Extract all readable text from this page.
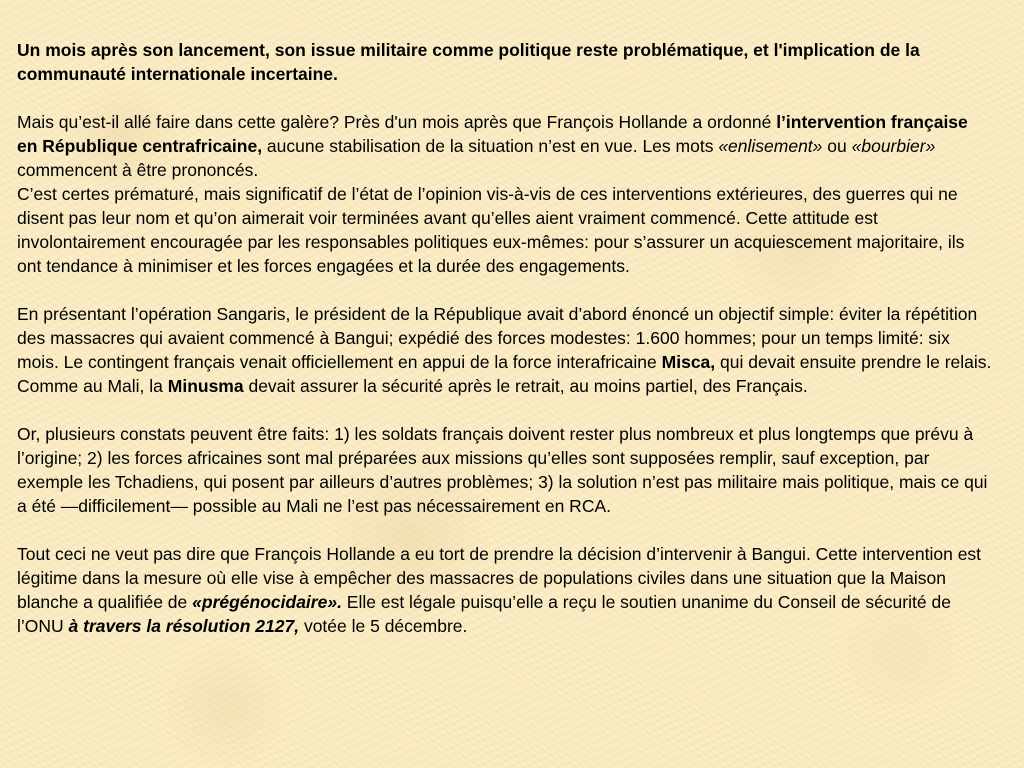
Un mois après son lancement, son issue militaire comme politique reste problématique, et l'implication de la communauté internationale incertaine.

Mais qu’est-il allé faire dans cette galère? Près d'un mois après que François Hollande a ordonné l’intervention française en République centrafricaine, aucune stabilisation de la situation n’est en vue. Les mots «enlisement» ou «bourbier» commencent à être prononcés.

C’est certes prématuré, mais significatif de l’état de l’opinion vis-à-vis de ces interventions extérieures, des guerres qui ne disent pas leur nom et qu’on aimerait voir terminées avant qu’elles aient vraiment commencé. Cette attitude est involontairement encouragée par les responsables politiques eux-mêmes: pour s’assurer un acquiescement majoritaire, ils ont tendance à minimiser et les forces engagées et la durée des engagements.

En présentant l’opération Sangaris, le président de la République avait d’abord énoncé un objectif simple: éviter la répétition des massacres qui avaient commencé à Bangui; expédié des forces modestes: 1.600 hommes; pour un temps limité: six mois. Le contingent français venait officiellement en appui de la force interafricaine Misca, qui devait ensuite prendre le relais. Comme au Mali, la Minusma devait assurer la sécurité après le retrait, au moins partiel, des Français.

Or, plusieurs constats peuvent être faits: 1) les soldats français doivent rester plus nombreux et plus longtemps que prévu à l’origine; 2) les forces africaines sont mal préparées aux missions qu’elles sont supposées remplir, sauf exception, par exemple les Tchadiens, qui posent par ailleurs d’autres problèmes; 3) la solution n’est pas militaire mais politique, mais ce qui a été —difficilement— possible au Mali ne l’est pas nécessairement en RCA.

Tout ceci ne veut pas dire que François Hollande a eu tort de prendre la décision d’intervenir à Bangui. Cette intervention est légitime dans la mesure où elle vise à empêcher des massacres de populations civiles dans une situation que la Maison blanche a qualifiée de «prégénocidaire». Elle est légale puisqu’elle a reçu le soutien unanime du Conseil de sécurité de l’ONU à travers la résolution 2127, votée le 5 décembre.
